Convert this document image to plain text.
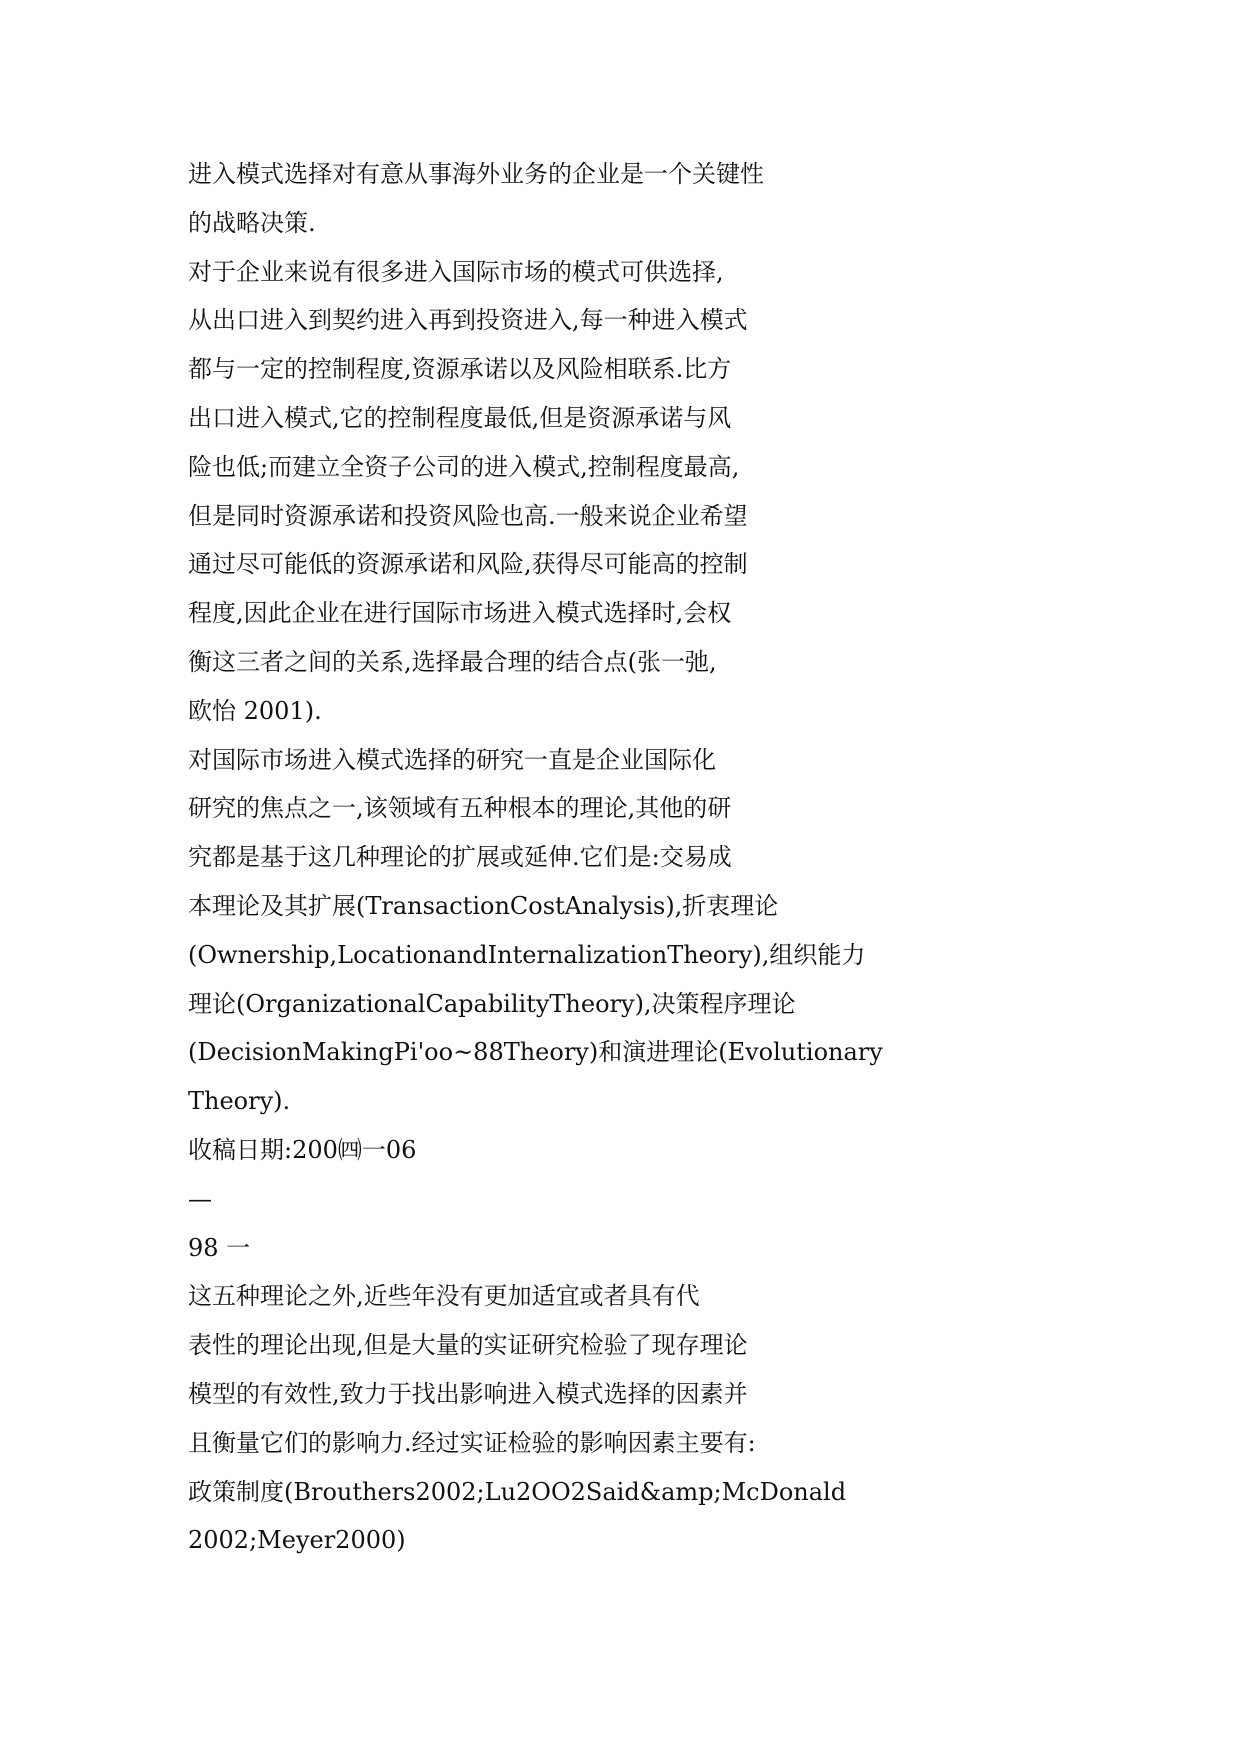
进入模式选择对有意从事海外业务的企业是一个关键性
的战略决策.
对于企业来说有很多进入国际市场的模式可供选择,
从出口进入到契约进入再到投资进入,每一种进入模式
都与一定的控制程度,资源承诺以及风险相联系.比方
出口进入模式,它的控制程度最低,但是资源承诺与风
险也低;而建立全资子公司的进入模式,控制程度最高,
但是同时资源承诺和投资风险也高.一般来说企业希望
通过尽可能低的资源承诺和风险,获得尽可能高的控制
程度,因此企业在进行国际市场进入模式选择时,会权
衡这三者之间的关系,选择最合理的结合点(张一弛,
欧怡 2001).
对国际市场进入模式选择的研究一直是企业国际化
研究的焦点之一,该领域有五种根本的理论,其他的研
究都是基于这几种理论的扩展或延伸.它们是:交易成
本理论及其扩展(TransactionCostAnalysis),折衷理论
(Ownership,LocationandInternalizationTheory),组织能力
理论(OrganizationalCapabilityTheory),决策程序理论
(DecisionMakingPi'oo~88Theory)和演进理论(Evolutionary
Theory).
收稿日期:200㈣一06
—
98 一
这五种理论之外,近些年没有更加适宜或者具有代
表性的理论出现,但是大量的实证研究检验了现存理论
模型的有效性,致力于找出影响进入模式选择的因素并
且衡量它们的影响力.经过实证检验的影响因素主要有:
政策制度(Brouthers2002;Lu2OO2Said&amp;McDonald
2002;Meyer2000)
